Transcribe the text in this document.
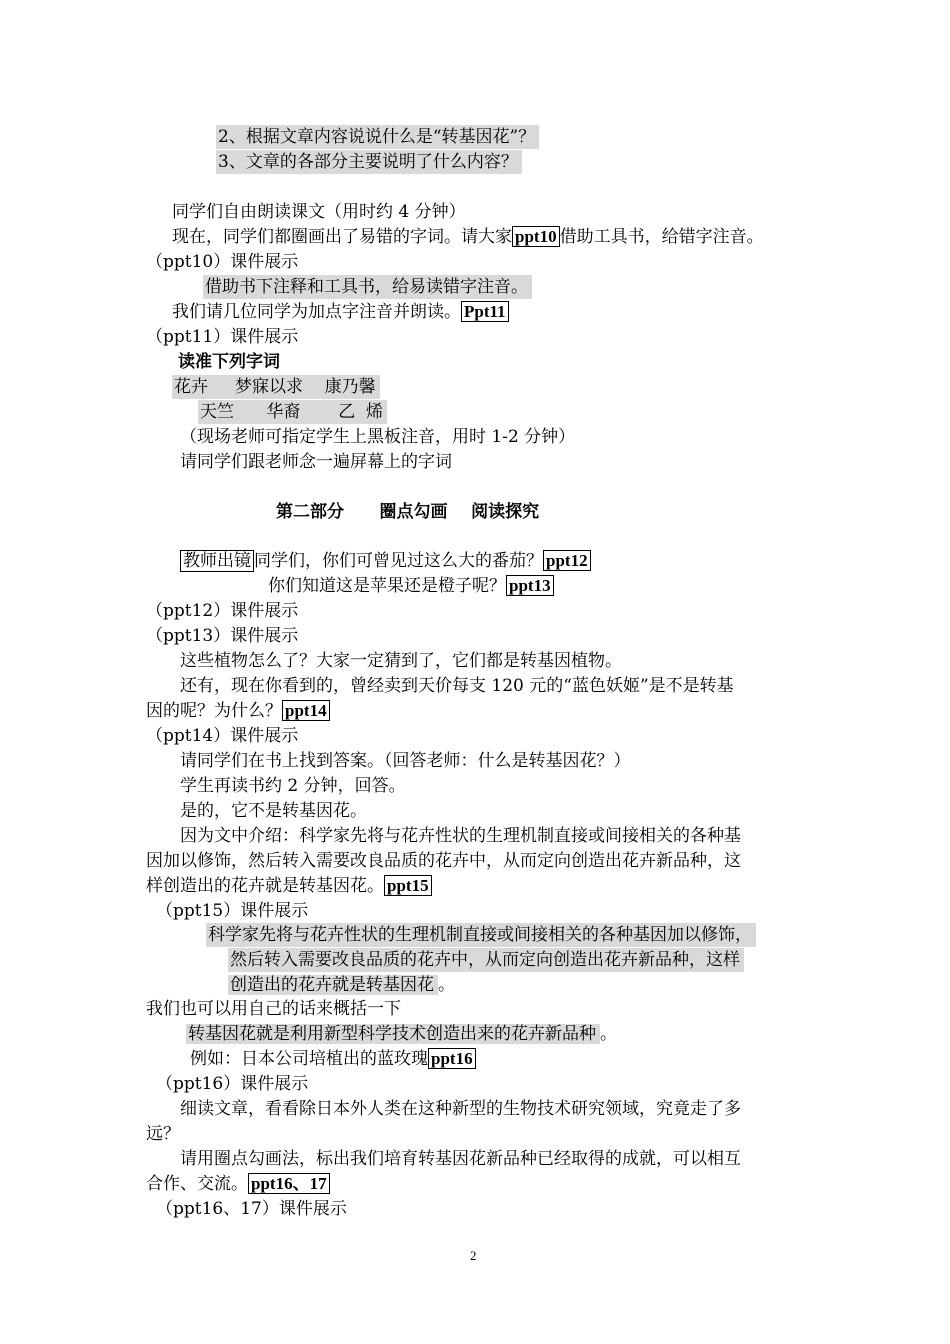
2、根据文章内容说说什么是“转基因花”？
3、文章的各部分主要说明了什么内容？
同学们自由朗读课文（用时约 4 分钟）
现在，同学们都圈画出了易错的字词。请大家 ppt10 借助工具书，给错字注音。
（ppt10）课件展示
借助书下注释和工具书，给易读错字注音。
我们请几位同学为加点字注音并朗读。 Ppt11
（ppt11）课件展示
读准下列字词
花卉     梦寐以求    康乃馨
天竺      华裔       乙  烯
（现场老师可指定学生上黑板注音，用时 1-2 分钟）
请同学们跟老师念一遍屏幕上的字词
第二部分      圈点勾画    阅读探究
教师出镜 同学们，你们可曾见过这么大的番茄？ ppt12
你们知道这是苹果还是橙子呢？ ppt13
（ppt12）课件展示
（ppt13）课件展示
这些植物怎么了？大家一定猜到了，它们都是转基因植物。
还有，现在你看到的，曾经卖到天价每支 120 元的“蓝色妖姬”是不是转基
因的呢？为什么？ ppt14
（ppt14）课件展示
请同学们在书上找到答案。（回答老师：什么是转基因花？）
学生再读书约 2 分钟，回答。
是的，它不是转基因花。
因为文中介绍：科学家先将与花卉性状的生理机制直接或间接相关的各种基
因加以修饰，然后转入需要改良品质的花卉中，从而定向创造出花卉新品种，这
样创造出的花卉就是转基因花。 ppt15
（ppt15）课件展示
科学家先将与花卉性状的生理机制直接或间接相关的各种基因加以修饰，
然后转入需要改良品质的花卉中，从而定向创造出花卉新品种，这样
创造出的花卉就是转基因花 。
我们也可以用自己的话来概括一下
转基因花就是利用新型科学技术创造出来的花卉新品种 。
例如：日本公司培植出的蓝玫瑰 ppt16
（ppt16）课件展示
细读文章，看看除日本外人类在这种新型的生物技术研究领域，究竟走了多
远？
请用圈点勾画法，标出我们培育转基因花新品种已经取得的成就，可以相互
合作、交流。 ppt16、17
（ppt16、17）课件展示
2
